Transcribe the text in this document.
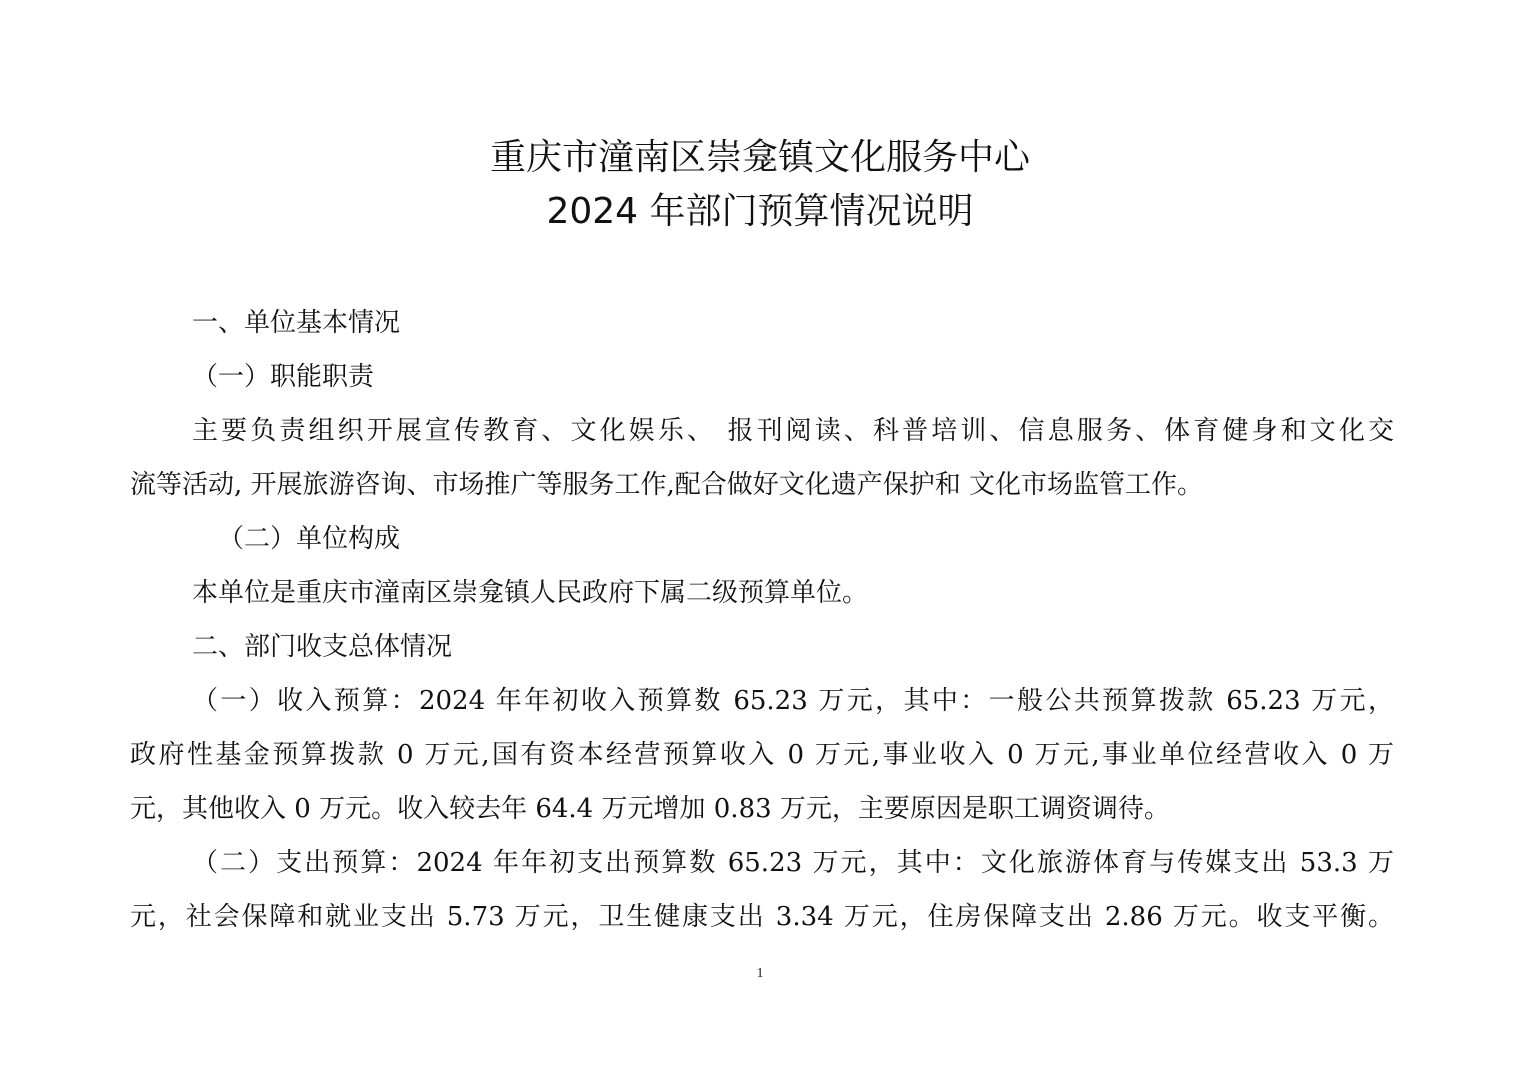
重庆市潼南区崇龛镇文化服务中心
2024 年部门预算情况说明
一、单位基本情况
（一）职能职责
主要负责组织开展宣传教育、文化娱乐、 报刊阅读、科普培训、信息服务、体育健身和文化交
流等活动, 开展旅游咨询、市场推广等服务工作,配合做好文化遗产保护和 文化市场监管工作。
（二）单位构成
本单位是重庆市潼南区崇龛镇人民政府下属二级预算单位。
二、部门收支总体情况
（一）收入预算：2024 年年初收入预算数 65.23 万元，其中：一般公共预算拨款 65.23 万元，
政府性基金预算拨款 0 万元,国有资本经营预算收入 0 万元,事业收入 0 万元,事业单位经营收入 0 万
元，其他收入 0 万元。收入较去年 64.4 万元增加 0.83 万元，主要原因是职工调资调待。
（二）支出预算：2024 年年初支出预算数 65.23 万元，其中：文化旅游体育与传媒支出 53.3 万
元，社会保障和就业支出 5.73 万元，卫生健康支出 3.34 万元，住房保障支出 2.86 万元。收支平衡。
1
